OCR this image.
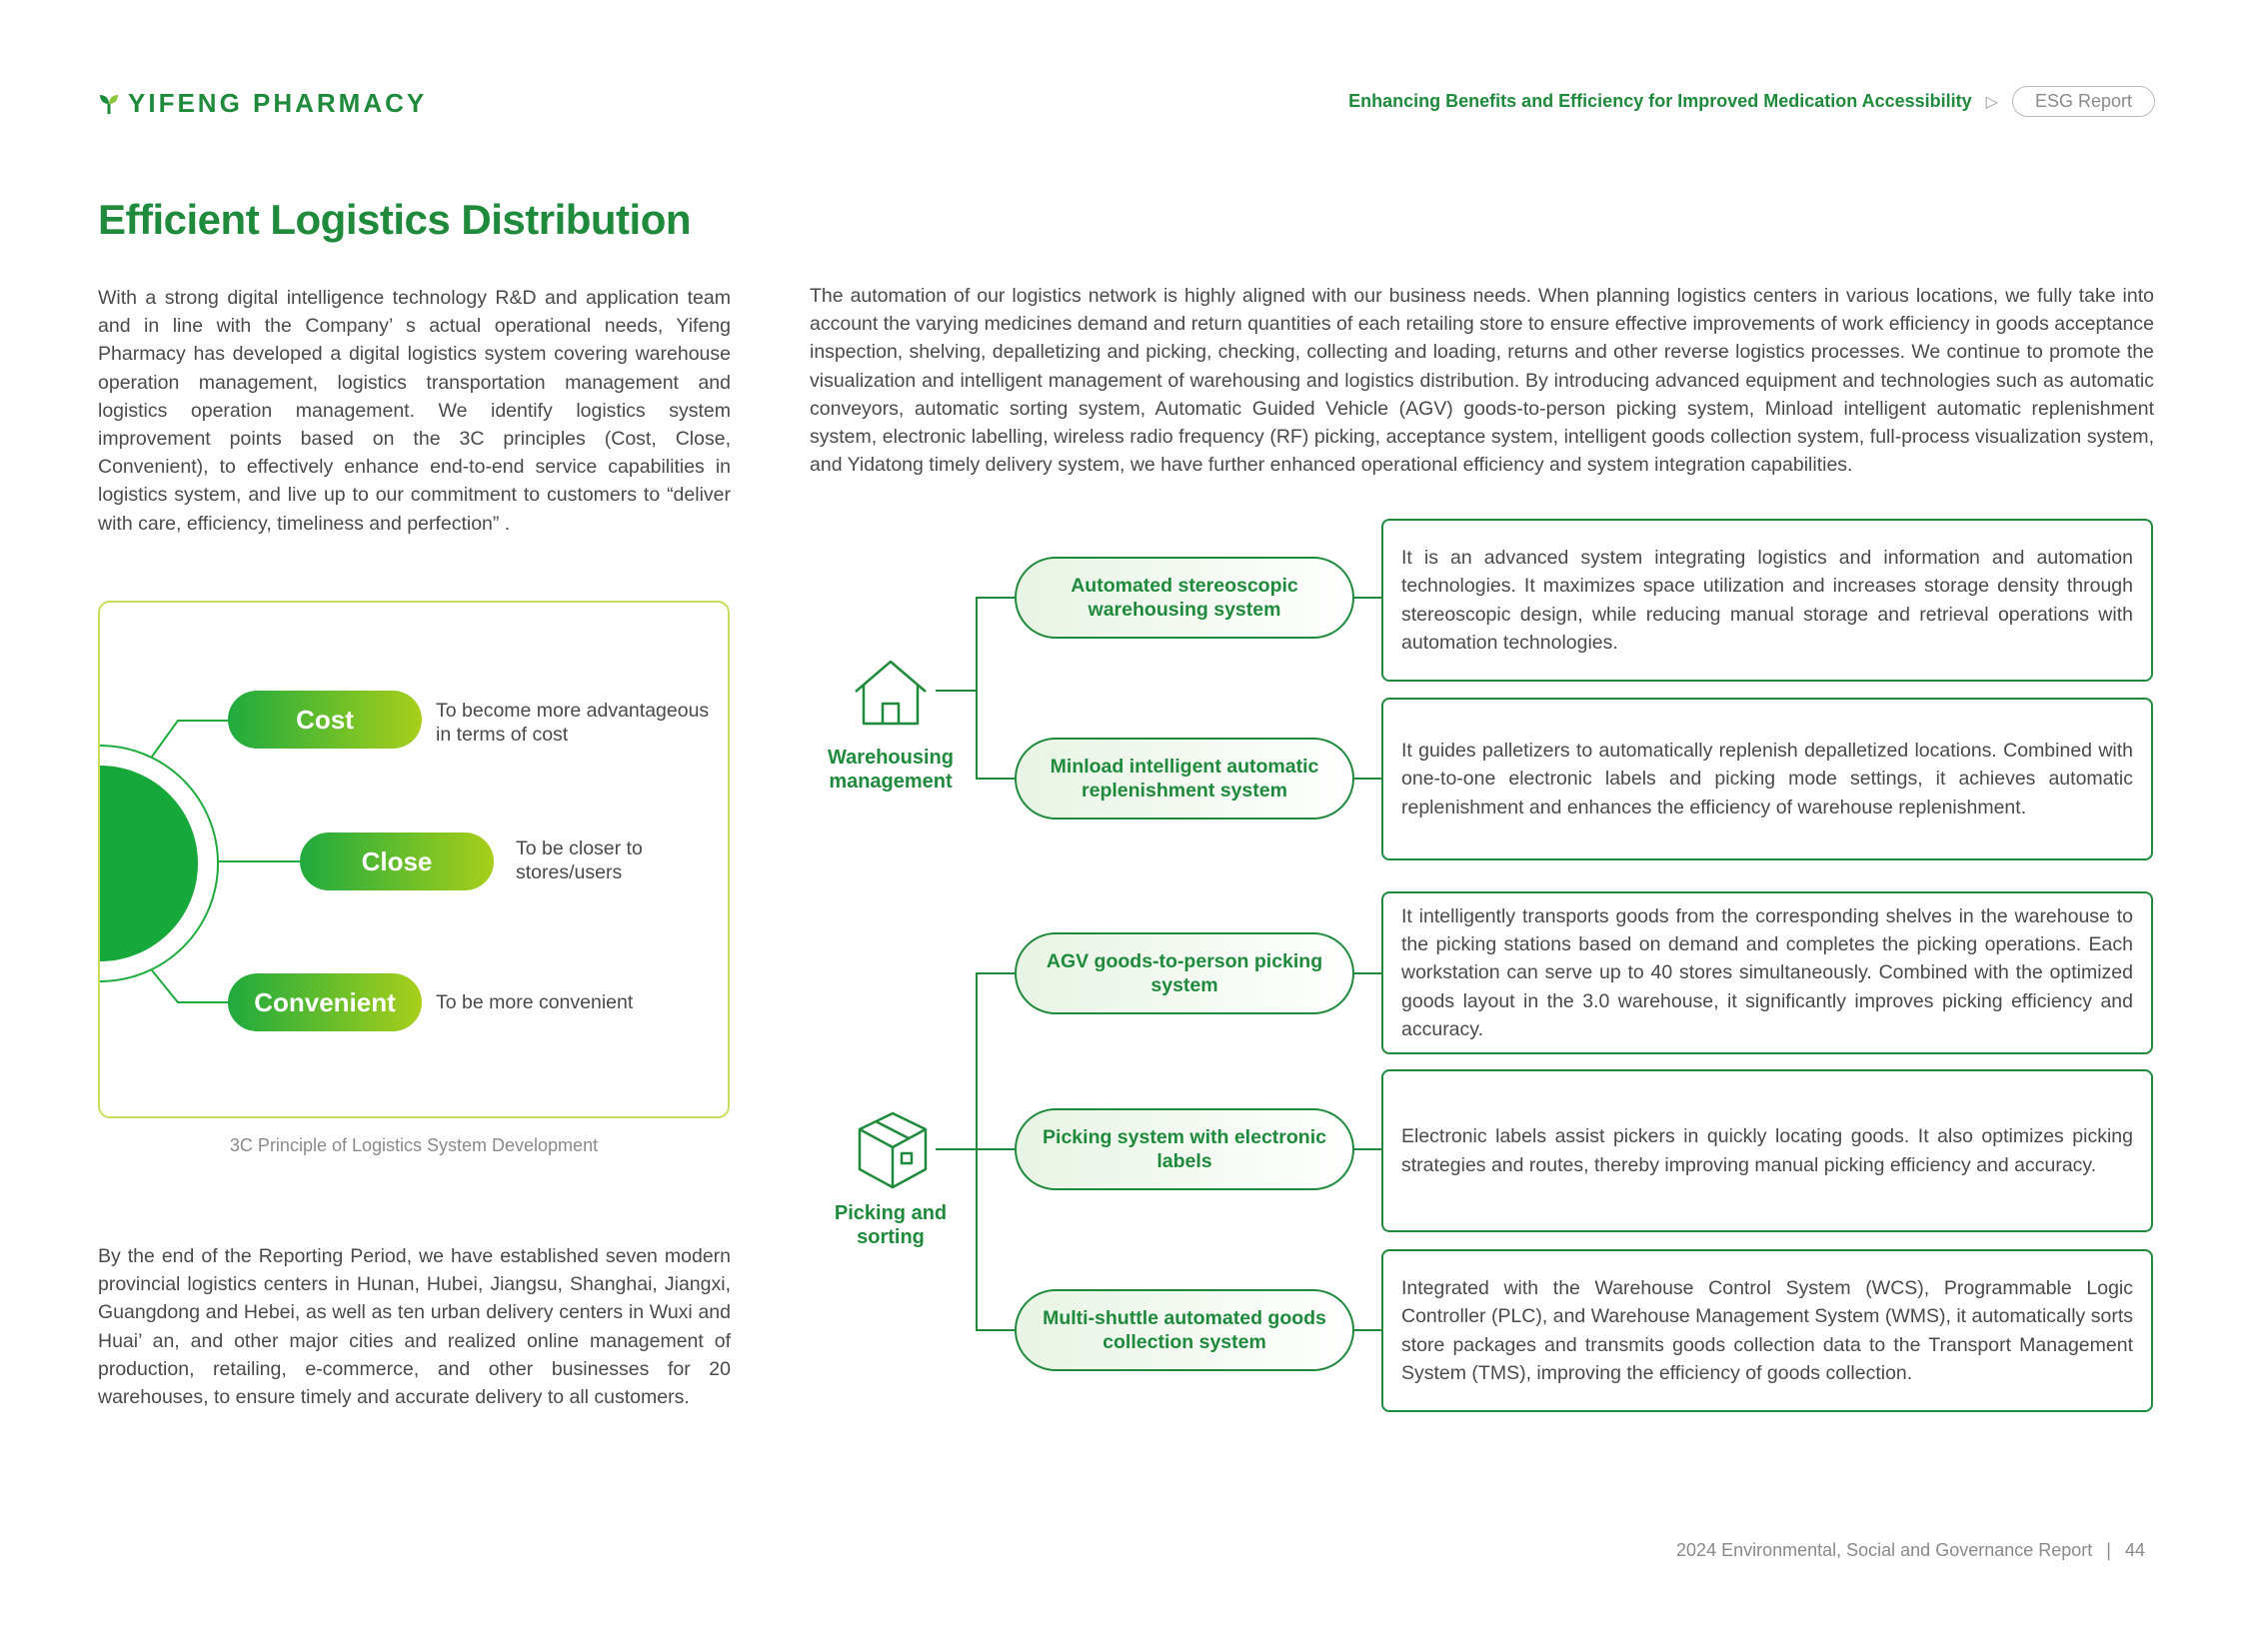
YIFENG PHARMACY	Enhancing Benefits and Efficiency for Improved Medication Accessibility ▷	ESG Report
Efficient Logistics Distribution
With a strong digital intelligence technology R&D and application team and in line with the Company’ s actual operational needs, Yifeng Pharmacy has developed a digital logistics system covering warehouse operation management, logistics transportation management and logistics operation management. We identify logistics system improvement points based on the 3C principles (Cost, Close, Convenient), to effectively enhance end-to-end service capabilities in logistics system, and live up to our commitment to customers to “deliver with care, efficiency, timeliness and perfection” .
Cost	To become more advantageous in terms of cost
Close	To be closer to stores/users
Convenient	To be more convenient
3C Principle of Logistics System Development
By the end of the Reporting Period, we have established seven modern provincial logistics centers in Hunan, Hubei, Jiangsu, Shanghai, Jiangxi, Guangdong and Hebei, as well as ten urban delivery centers in Wuxi and Huai’ an, and other major cities and realized online management of production, retailing, e-commerce, and other businesses for 20 warehouses, to ensure timely and accurate delivery to all customers.
The automation of our logistics network is highly aligned with our business needs. When planning logistics centers in various locations, we fully take into account the varying medicines demand and return quantities of each retailing store to ensure effective improvements of work efficiency in goods acceptance inspection, shelving, depalletizing and picking, checking, collecting and loading, returns and other reverse logistics processes. We continue to promote the visualization and intelligent management of warehousing and logistics distribution. By introducing advanced equipment and technologies such as automatic conveyors, automatic sorting system, Automatic Guided Vehicle (AGV) goods-to-person picking system, Minload intelligent automatic replenishment system, electronic labelling, wireless radio frequency (RF) picking, acceptance system, intelligent goods collection system, full-process visualization system, and Yidatong timely delivery system, we have further enhanced operational efficiency and system integration capabilities.
Warehousing management
Picking and sorting
Automated stereoscopic warehousing system
Minload intelligent automatic replenishment system
AGV goods-to-person picking system
Picking system with electronic labels
Multi-shuttle automated goods collection system
It is an advanced system integrating logistics and information and automation technologies. It maximizes space utilization and increases storage density through stereoscopic design, while reducing manual storage and retrieval operations with automation technologies.
It guides palletizers to automatically replenish depalletized locations. Combined with one-to-one electronic labels and picking mode settings, it achieves automatic replenishment and enhances the efficiency of warehouse replenishment.
It intelligently transports goods from the corresponding shelves in the warehouse to the picking stations based on demand and completes the picking operations. Each workstation can serve up to 40 stores simultaneously. Combined with the optimized goods layout in the 3.0 warehouse, it significantly improves picking efficiency and accuracy.
Electronic labels assist pickers in quickly locating goods. It also optimizes picking strategies and routes, thereby improving manual picking efficiency and accuracy.
Integrated with the Warehouse Control System (WCS), Programmable Logic Controller (PLC), and Warehouse Management System (WMS), it automatically sorts store packages and transmits goods collection data to the Transport Management System (TMS), improving the efficiency of goods collection.
2024 Environmental, Social and Governance Report | 44
